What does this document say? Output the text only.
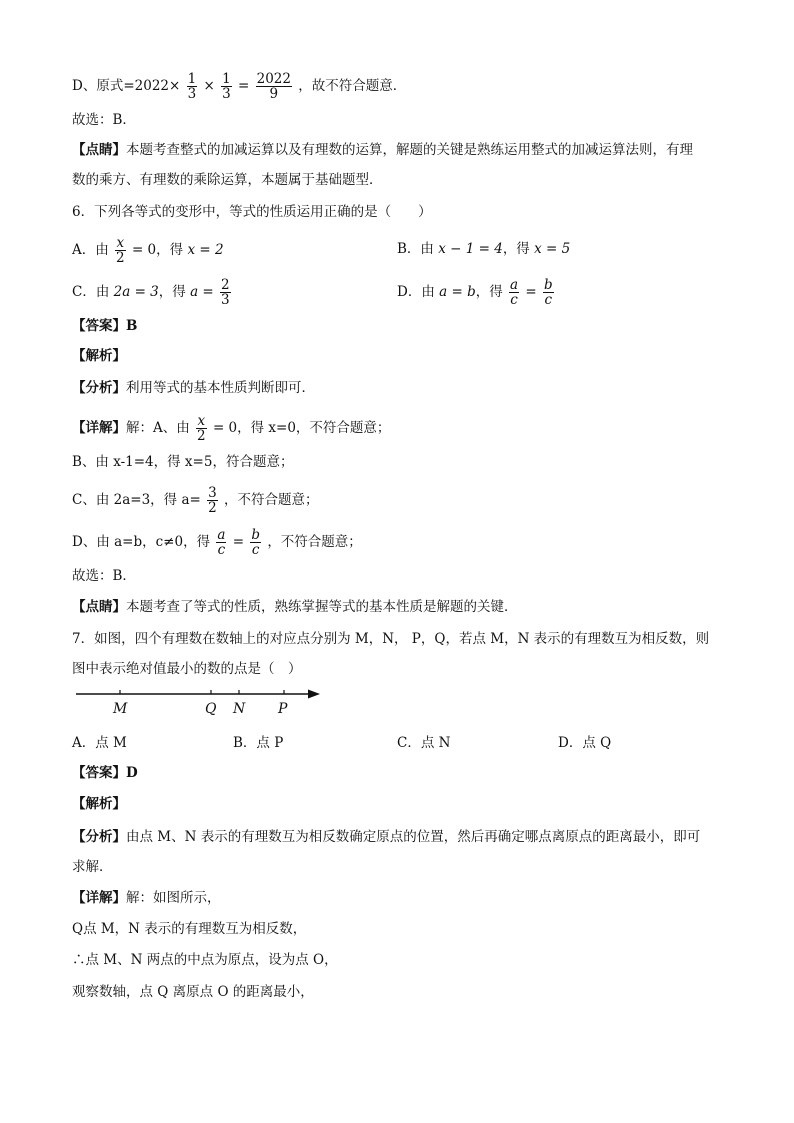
D、原式$=2022\times \frac{1}{3} \times \frac{1}{3} = \frac{2022}{9}$ ，故不符合题意．
故选：B．
【点睛】本题考查整式的加减运算以及有理数的运算，解题的关键是熟练运用整式的加减运算法则，有理
数的乘方、有理数的乘除运算，本题属于基础题型．
6．下列各等式的变形中，等式的性质运用正确的是（　　）
A．由 $\frac{x}{2} = 0$，得 x = 2	B．由 x − 1 = 4，得 x = 5
C．由 2a = 3，得 $a = \frac{2}{3}$	D．由 a = b，得 $\frac{a}{c} = \frac{b}{c}$
【答案】B
【解析】
【分析】利用等式的基本性质判断即可．
【详解】解：A、由 $\frac{x}{2} = 0$，得 x=0，不符合题意；
B、由 x-1=4，得 x=5，符合题意；
C、由 2a=3，得 $a= \frac{3}{2}$ ，不符合题意；
D、由 a=b，c≠0，得 $\frac{a}{c} = \frac{b}{c}$ ，不符合题意；
故选：B．
【点睛】本题考查了等式的性质，熟练掌握等式的基本性质是解题的关键．
7．如图，四个有理数在数轴上的对应点分别为 M，N， P，Q，若点 M，N 表示的有理数互为相反数，则
图中表示绝对值最小的数的点是（　）
M	Q N P
A．点 M	B．点 P	C．点 N	D．点 Q
【答案】D
【解析】
【分析】由点 M、N 表示的有理数互为相反数确定原点的位置，然后再确定哪点离原点的距离最小，即可
求解．
【详解】解：如图所示，
Q点 M，N 表示的有理数互为相反数，
∴点 M、N 两点的中点为原点，设为点 O，
观察数轴，点 Q 离原点 O 的距离最小，
